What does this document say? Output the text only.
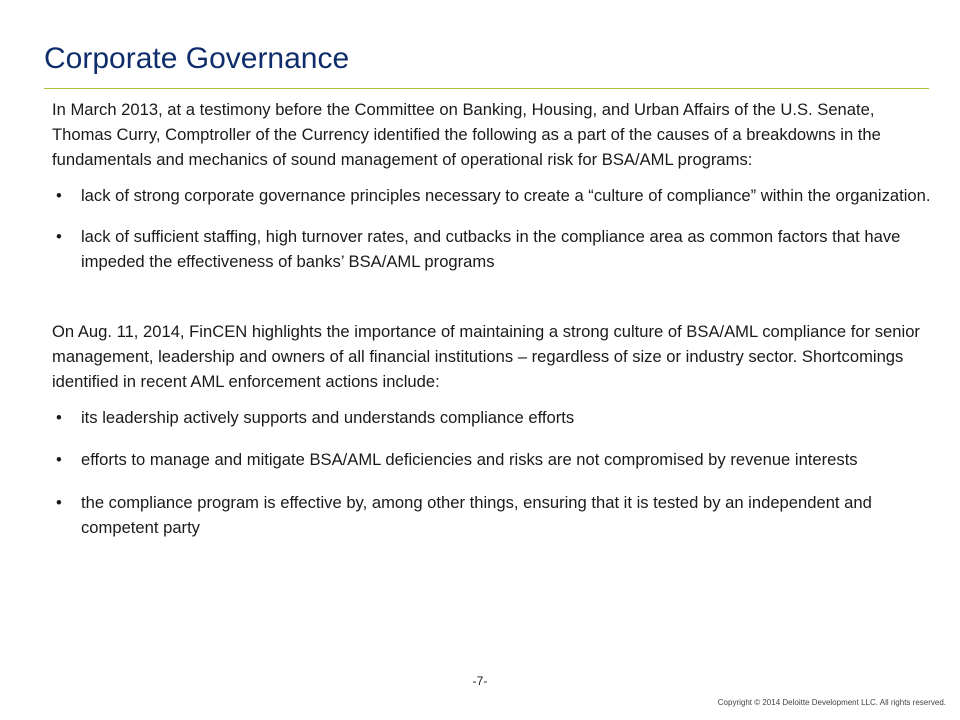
Corporate Governance

In March 2013, at a testimony before the Committee on Banking, Housing, and Urban Affairs of the U.S. Senate, Thomas Curry, Comptroller of the Currency identified the following as a part of the causes of a breakdowns in the fundamentals and mechanics of sound management of operational risk for BSA/AML programs:

• lack of strong corporate governance principles necessary to create a “culture of compliance” within the organization.
• lack of sufficient staffing, high turnover rates, and cutbacks in the compliance area as common factors that have impeded the effectiveness of banks’ BSA/AML programs

On Aug. 11, 2014, FinCEN highlights the importance of maintaining a strong culture of BSA/AML compliance for senior management, leadership and owners of all financial institutions – regardless of size or industry sector. Shortcomings identified in recent AML enforcement actions include:

• its leadership actively supports and understands compliance efforts
• efforts to manage and mitigate BSA/AML deficiencies and risks are not compromised by revenue interests
• the compliance program is effective by, among other things, ensuring that it is tested by an independent and competent party
-7-
Copyright © 2014 Deloitte Development LLC. All rights reserved.
